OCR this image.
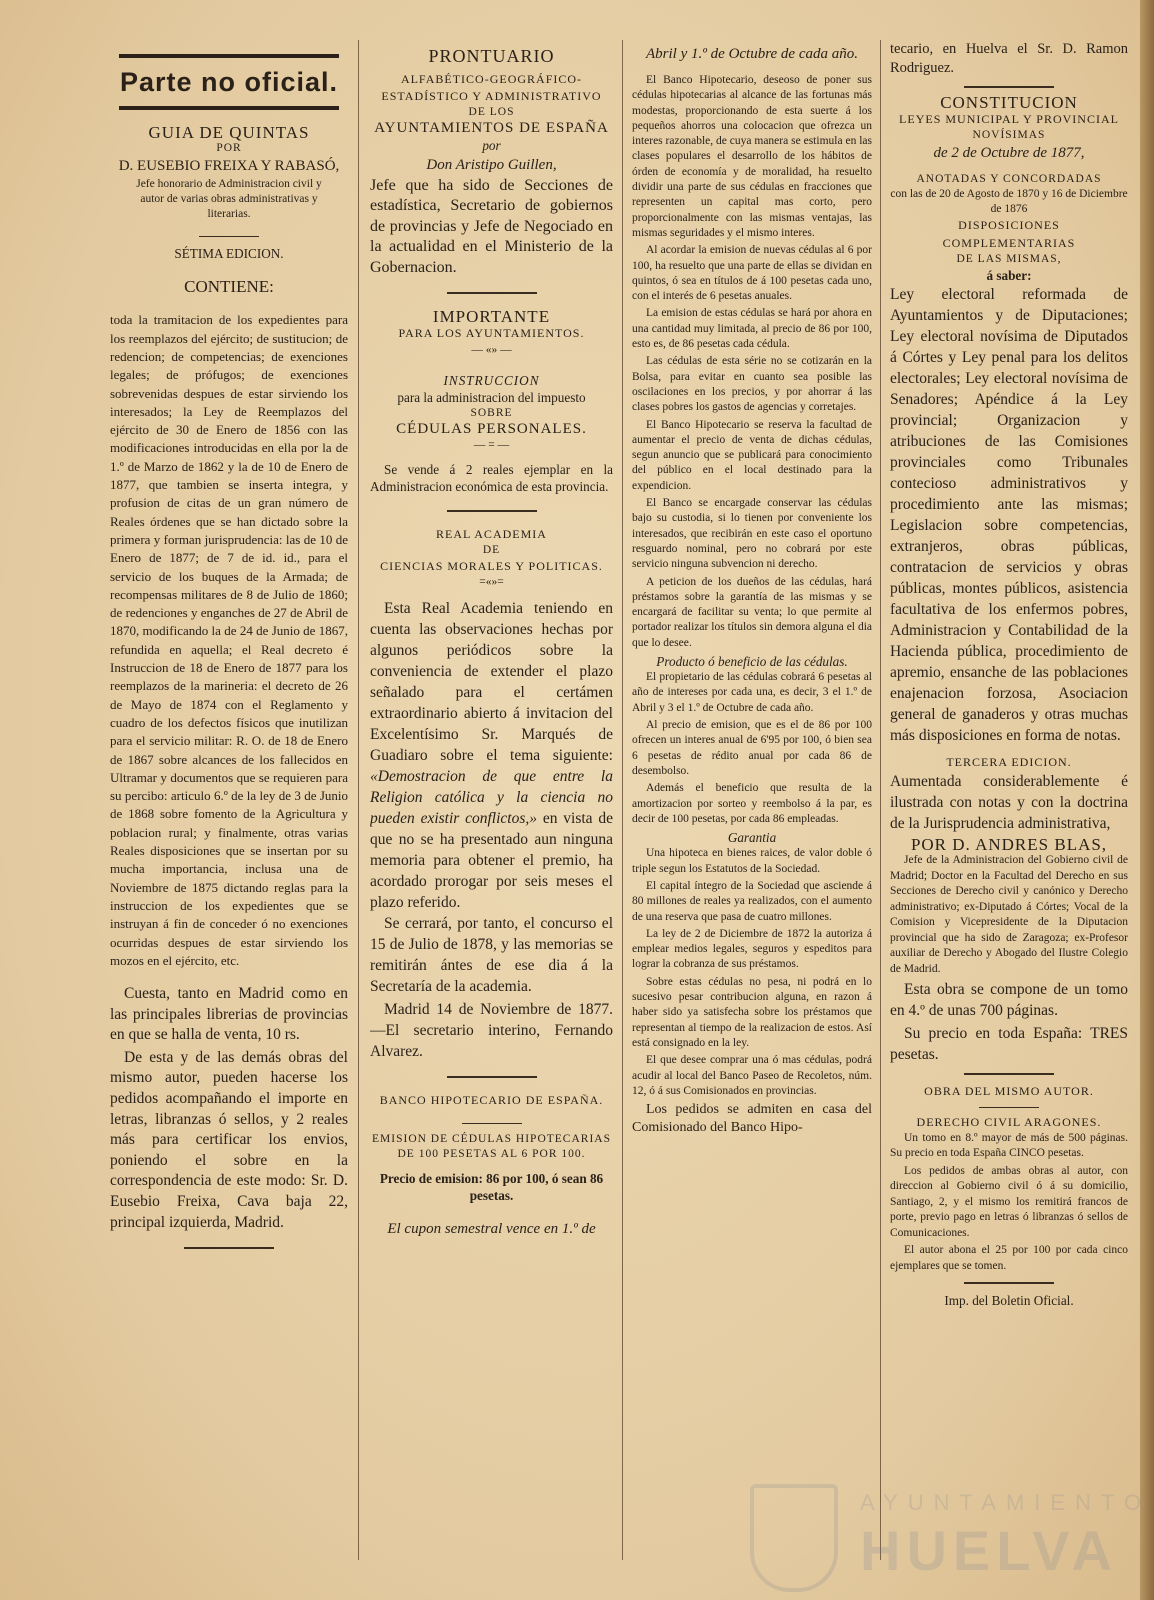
Parte no oficial.
GUIA DE QUINTAS
POR
D. EUSEBIO FREIXA Y RABASÓ,

Jefe honorario de Administracion civil y autor de varias obras administrativas y literarias.

SÉTIMA EDICION.
CONTIENE:

toda la tramitacion de los expedientes para los reemplazos del ejército; de sustitucion; de redencion; de competencias; de exenciones legales; de prófugos; de exenciones sobrevenidas despues de estar sirviendo los interesados; la Ley de Reemplazos del ejército de 30 de Enero de 1856 con las modificaciones introducidas en ella por la de 1.º de Marzo de 1862 y la de 10 de Enero de 1877, que tambien se inserta integra, y profusion de citas de un gran número de Reales órdenes que se han dictado sobre la primera y forman jurisprudencia: las de 10 de Enero de 1877; de 7 de id. id., para el servicio de los buques de la Armada; de recompensas militares de 8 de Julio de 1860; de redenciones y enganches de 27 de Abril de 1870, modificando la de 24 de Junio de 1867, refundida en aquella; el Real decreto é Instruccion de 18 de Enero de 1877 para los reemplazos de la marineria: el decreto de 26 de Mayo de 1874 con el Reglamento y cuadro de los defectos físicos que inutilizan para el servicio militar: R. O. de 18 de Enero de 1867 sobre alcances de los fallecidos en Ultramar y documentos que se requieren para su percibo: articulo 6.º de la ley de 3 de Junio de 1868 sobre fomento de la Agricultura y poblacion rural; y finalmente, otras varias Reales disposiciones que se insertan por su mucha importancia, inclusa una de Noviembre de 1875 dictando reglas para la instruccion de los expedientes que se instruyan á fin de conceder ó no exenciones ocurridas despues de estar sirviendo los mozos en el ejército, etc.

Cuesta, tanto en Madrid como en las principales librerias de provincias en que se halla de venta, 10 rs.

De esta y de las demás obras del mismo autor, pueden hacerse los pedidos acompañando el importe en letras, libranzas ó sellos, y 2 reales más para certificar los envios, poniendo el sobre en la correspondencia de este modo: Sr. D. Eusebio Freixa, Cava baja 22, principal izquierda, Madrid.

PRONTUARIO
ALFABÉTICO-GEOGRÁFICO-ESTADÍSTICO Y ADMINISTRATIVO
DE LOS
AYUNTAMIENTOS DE ESPAÑA
por
Don Aristipo Guillen,

Jefe que ha sido de Secciones de estadística, Secretario de gobiernos de provincias y Jefe de Negociado en la actualidad en el Ministerio de la Gobernacion.

IMPORTANTE
PARA LOS AYUNTAMIENTOS.
— «» —
INSTRUCCION
para la administracion del impuesto
SOBRE
CÉDULAS PERSONALES.
— = —

Se vende á 2 reales ejemplar en la Administracion económica de esta provincia.

REAL ACADEMIA
DE
CIENCIAS MORALES Y POLITICAS.
=«»=

Esta Real Academia teniendo en cuenta las observaciones hechas por algunos periódicos sobre la conveniencia de extender el plazo señalado para el certámen extraordinario abierto á invitacion del Excelentísimo Sr. Marqués de Guadiaro sobre el tema siguiente: «Demostracion de que entre la Religion católica y la ciencia no pueden existir conflictos,» en vista de que no se ha presentado aun ninguna memoria para obtener el premio, ha acordado prorogar por seis meses el plazo referido.

Se cerrará, por tanto, el concurso el 15 de Julio de 1878, y las memorias se remitirán ántes de ese dia á la Secretaría de la academia.

Madrid 14 de Noviembre de 1877.—El secretario interino, Fernando Alvarez.

BANCO HIPOTECARIO DE ESPAÑA.
EMISION DE CÉDULAS HIPOTECARIAS DE 100 PESETAS AL 6 POR 100.
Precio de emision: 86 por 100, ó sean 86 pesetas.
El cupon semestral vence en 1.º de
Abril y 1.º de Octubre de cada año.

El Banco Hipotecario, deseoso de poner sus cédulas hipotecarias al alcance de las fortunas más modestas, proporcionando de esta suerte á los pequeños ahorros una colocacion que ofrezca un interes razonable, de cuya manera se estimula en las clases populares el desarrollo de los hábitos de órden de economía y de moralidad, ha resuelto dividir una parte de sus cédulas en fracciones que representen un capital mas corto, pero proporcionalmente con las mismas ventajas, las mismas seguridades y el mismo interes.

Al acordar la emision de nuevas cédulas al 6 por 100, ha resuelto que una parte de ellas se dividan en quintos, ó sea en títulos de á 100 pesetas cada uno, con el interés de 6 pesetas anuales.

La emision de estas cédulas se hará por ahora en una cantidad muy limitada, al precio de 86 por 100, esto es, de 86 pesetas cada cédula.

Las cédulas de esta série no se cotizarán en la Bolsa, para evitar en cuanto sea posible las oscilaciones en los precios, y por ahorrar á las clases pobres los gastos de agencias y corretajes.

El Banco Hipotecario se reserva la facultad de aumentar el precio de venta de dichas cédulas, segun anuncio que se publicará para conocimiento del público en el local destinado para la expendicion.

El Banco se encargade conservar las cédulas bajo su custodia, si lo tienen por conveniente los interesados, que recibirán en este caso el oportuno resguardo nominal, pero no cobrará por este servicio ninguna subvencion ni derecho.

A peticion de los dueños de las cédulas, hará préstamos sobre la garantía de las mismas y se encargará de facilitar su venta; lo que permite al portador realizar los títulos sin demora alguna el dia que lo desee.

Producto ó beneficio de las cédulas.

El propietario de las cédulas cobrará 6 pesetas al año de intereses por cada una, es decir, 3 el 1.º de Abril y 3 el 1.º de Octubre de cada año.

Al precio de emision, que es el de 86 por 100 ofrecen un interes anual de 6'95 por 100, ó bien sea 6 pesetas de rédito anual por cada 86 de desembolso.

Además el beneficio que resulta de la amortizacion por sorteo y reembolso á la par, es decir de 100 pesetas, por cada 86 empleadas.

Garantia

Una hipoteca en bienes raices, de valor doble ó triple segun los Estatutos de la Sociedad.

El capital íntegro de la Sociedad que asciende á 80 millones de reales ya realizados, con el aumento de una reserva que pasa de cuatro millones.

La ley de 2 de Diciembre de 1872 la autoriza á emplear medios legales, seguros y espeditos para lograr la cobranza de sus préstamos.

Sobre estas cédulas no pesa, ni podrá en lo sucesivo pesar contribucion alguna, en razon á haber sido ya satisfecha sobre los préstamos que representan al tiempo de la realizacion de estos. Así está consignado en la ley.

El que desee comprar una ó mas cédulas, podrá acudir al local del Banco Paseo de Recoletos, núm. 12, ó á sus Comisionados en provincias.

Los pedidos se admiten en casa del Comisionado del Banco Hipo-

tecario, en Huelva el Sr. D. Ramon Rodriguez.

CONSTITUCION
LEYES MUNICIPAL Y PROVINCIAL
NOVÍSIMAS
de 2 de Octubre de 1877,
ANOTADAS Y CONCORDADAS
con las de 20 de Agosto de 1870 y 16 de Diciembre de 1876
DISPOSICIONES COMPLEMENTARIAS
DE LAS MISMAS,
á saber:

Ley electoral reformada de Ayuntamientos y de Diputaciones; Ley electoral novísima de Diputados á Córtes y Ley penal para los delitos electorales; Ley electoral novísima de Senadores; Apéndice á la Ley provincial; Organizacion y atribuciones de las Comisiones provinciales como Tribunales contecioso administrativos y procedimiento ante las mismas; Legislacion sobre competencias, extranjeros, obras públicas, contratacion de servicios y obras públicas, montes públicos, asistencia facultativa de los enfermos pobres, Administracion y Contabilidad de la Hacienda pública, procedimiento de apremio, ensanche de las poblaciones enajenacion forzosa, Asociacion general de ganaderos y otras muchas más disposiciones en forma de notas.

TERCERA EDICION.

Aumentada considerablemente é ilustrada con notas y con la doctrina de la Jurisprudencia administrativa,

POR D. ANDRES BLAS,

Jefe de la Administracion del Gobierno civil de Madrid; Doctor en la Facultad del Derecho en sus Secciones de Derecho civil y canónico y Derecho administrativo; ex-Diputado á Córtes; Vocal de la Comision y Vicepresidente de la Diputacion provincial que ha sido de Zaragoza; ex-Profesor auxiliar de Derecho y Abogado del Ilustre Colegio de Madrid.

Esta obra se compone de un tomo en 4.º de unas 700 páginas.

Su precio en toda España: TRES pesetas.

OBRA DEL MISMO AUTOR.
DERECHO CIVIL ARAGONES.

Un tomo en 8.º mayor de más de 500 páginas. Su precio en toda España CINCO pesetas.

Los pedidos de ambas obras al autor, con direccion al Gobierno civil ó á su domicilio, Santiago, 2, y el mismo los remitirá francos de porte, previo pago en letras ó libranzas ó sellos de Comunicaciones.

El autor abona el 25 por 100 por cada cinco ejemplares que se tomen.

Imp. del Boletin Oficial.
AYUNTAMIENTO
HUELVA
